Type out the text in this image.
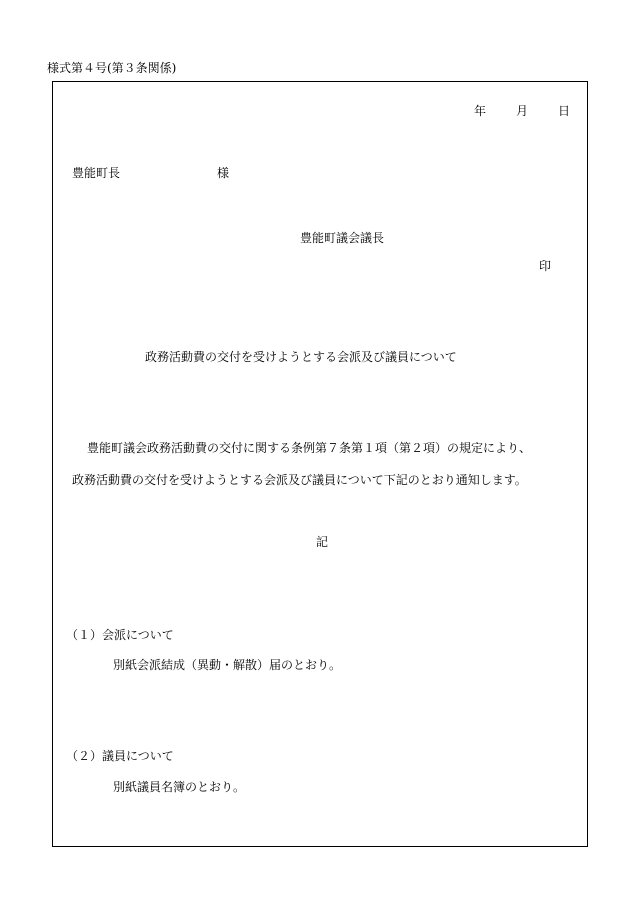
様式第４号(第３条関係)
年	月	日
豊能町長	様
豊能町議会議長
印
政務活動費の交付を受けようとする会派及び議員について
豊能町議会政務活動費の交付に関する条例第７条第１項（第２項）の規定により、
政務活動費の交付を受けようとする会派及び議員について下記のとおり通知します。
記
（１）会派について
別紙会派結成（異動・解散）届のとおり。
（２）議員について
別紙議員名簿のとおり。
